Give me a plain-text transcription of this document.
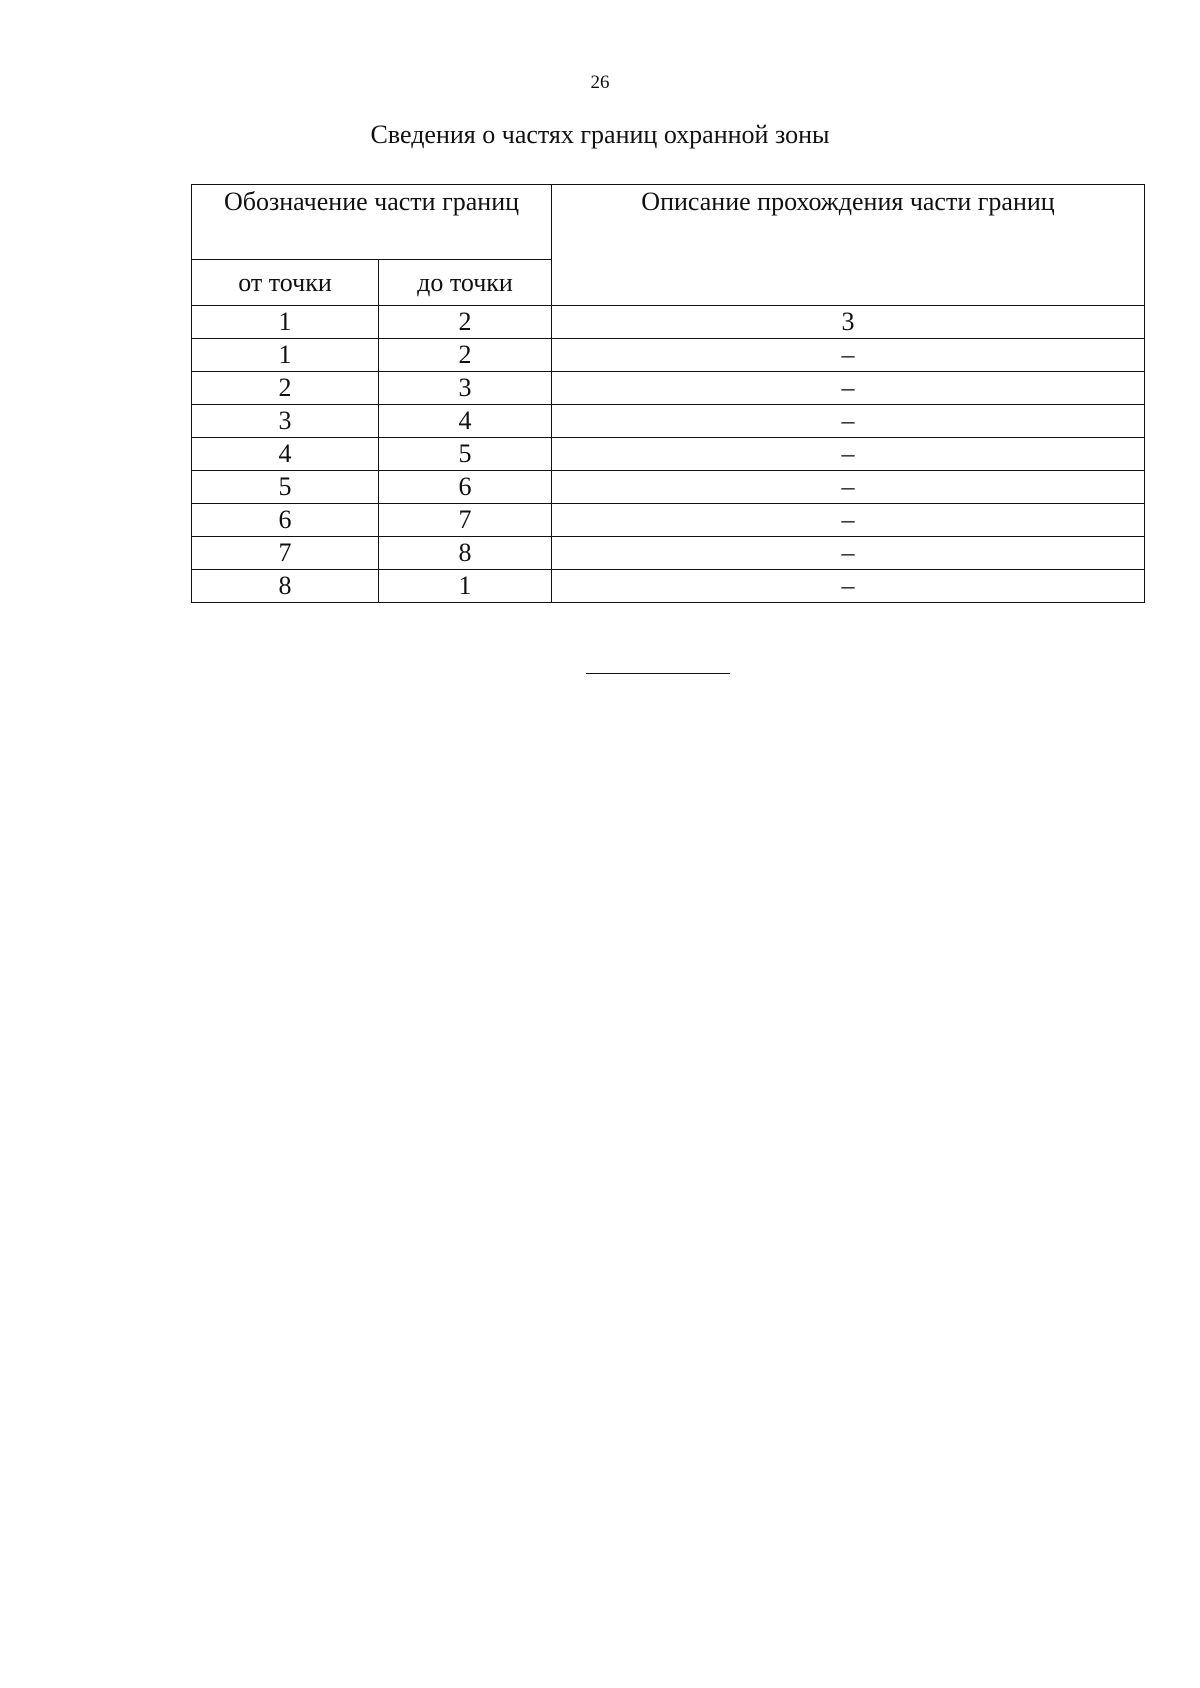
26
Сведения о частях границ охранной зоны
Обозначение части границ		Описание прохождения части границ
от точки	до точки	
1	2	3
1	2	–
2	3	–
3	4	–
4	5	–
5	6	–
6	7	–
7	8	–
8	1	–
